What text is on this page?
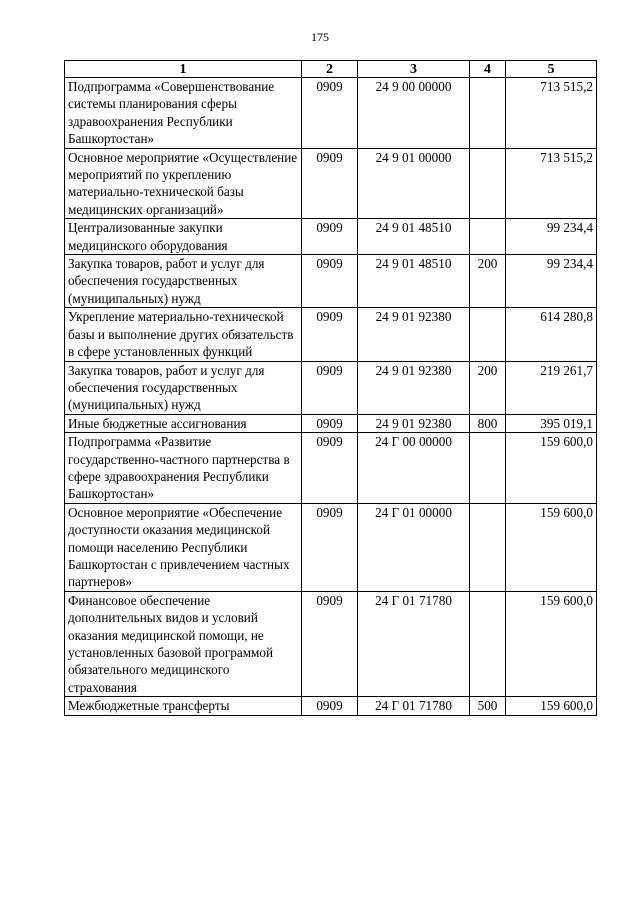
175
1	2	3	4	5
Подпрограмма «Совершенствование системы планирования сферы здравоохранения Республики Башкортостан»	0909	24 9 00 00000		713 515,2
Основное мероприятие «Осуществление мероприятий по укреплению материально-технической базы медицинских организаций»	0909	24 9 01 00000		713 515,2
Централизованные закупки медицинского оборудования	0909	24 9 01 48510		99 234,4
Закупка товаров, работ и услуг для обеспечения государственных (муниципальных) нужд	0909	24 9 01 48510	200	99 234,4
Укрепление материально-технической базы и выполнение других обязательств в сфере установленных функций	0909	24 9 01 92380		614 280,8
Закупка товаров, работ и услуг для обеспечения государственных (муниципальных) нужд	0909	24 9 01 92380	200	219 261,7
Иные бюджетные ассигнования	0909	24 9 01 92380	800	395 019,1
Подпрограмма «Развитие государственно-частного партнерства в сфере здравоохранения Республики Башкортостан»	0909	24 Г 00 00000		159 600,0
Основное мероприятие «Обеспечение доступности оказания медицинской помощи населению Республики Башкортостан с привлечением частных партнеров»	0909	24 Г 01 00000		159 600,0
Финансовое обеспечение дополнительных видов и условий оказания медицинской помощи, не установленных базовой программой обязательного медицинского страхования	0909	24 Г 01 71780		159 600,0
Межбюджетные трансферты	0909	24 Г 01 71780	500	159 600,0
